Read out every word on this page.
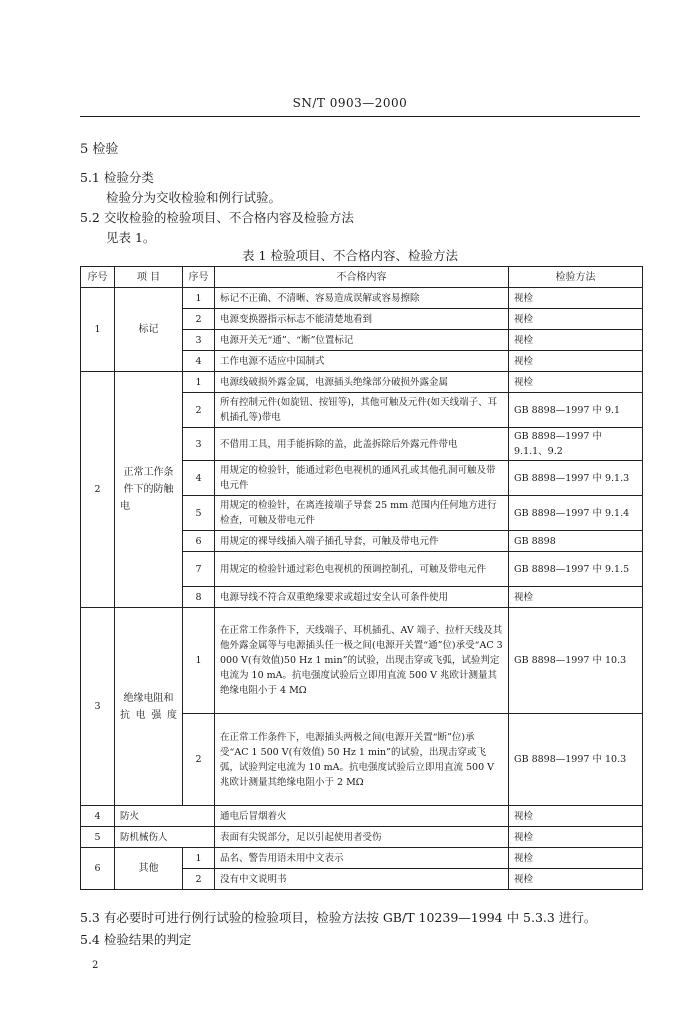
SN/T 0903—2000
5 检验
5.1 检验分类
检验分为交收检验和例行试验。
5.2 交收检验的检验项目、不合格内容及检验方法
见表 1。
表 1 检验项目、不合格内容、检验方法
序号	项 目	序号	不合格内容	检验方法
1	标记	1	标记不正确、不清晰、容易造成误解或容易擦除	视检
		2	电源变换器指示标志不能清楚地看到	视检
		3	电源开关无“通”、“断”位置标记	视检
		4	工作电源不适应中国制式	视检
2	正常工作条件下的防触电	1	电源线破损外露金属，电源插头绝缘部分破损外露金属	视检
		2	所有控制元件(如旋钮、按钮等)，其他可触及元件(如天线端子、耳机插孔等)带电	GB 8898—1997 中 9.1
		3	不借用工具，用手能拆除的盖，此盖拆除后外露元件带电	GB 8898—1997 中 9.1.1、9.2
		4	用规定的检验针，能通过彩色电视机的通风孔或其他孔洞可触及带电元件	GB 8898—1997 中 9.1.3
		5	用规定的检验针，在离连接端子导套 25 mm 范围内任何地方进行检查，可触及带电元件	GB 8898—1997 中 9.1.4
		6	用规定的裸导线插入端子插孔导套，可触及带电元件	GB 8898
		7	用规定的检验针通过彩色电视机的预调控制孔，可触及带电元件	GB 8898—1997 中 9.1.5
		8	电源导线不符合双重绝缘要求或超过安全认可条件使用	视检
3	绝缘电阻和抗电强度	1	在正常工作条件下，天线端子、耳机插孔、AV 端子、拉杆天线及其他外露金属等与电源插头任一极之间(电源开关置“通”位)承受“AC 3 000 V(有效值)50 Hz 1 min”的试验，出现击穿或飞弧，试验判定电流为 10 mA。抗电强度试验后立即用直流 500 V 兆欧计测量其绝缘电阻小于 4 MΩ	GB 8898—1997 中 10.3
		2	在正常工作条件下，电源插头两极之间(电源开关置“断”位)承受“AC 1 500 V(有效值) 50 Hz 1 min”的试验，出现击穿或飞弧，试验判定电流为 10 mA。抗电强度试验后立即用直流 500 V 兆欧计测量其绝缘电阻小于 2 MΩ	GB 8898—1997 中 10.3
4	防火		通电后冒烟着火	视检
5	防机械伤人		表面有尖锐部分，足以引起使用者受伤	视检
6	其他	1	品名、警告用语未用中文表示	视检
		2	没有中文说明书	视检
5.3 有必要时可进行例行试验的检验项目，检验方法按 GB/T 10239—1994 中 5.3.3 进行。
5.4 检验结果的判定
2
